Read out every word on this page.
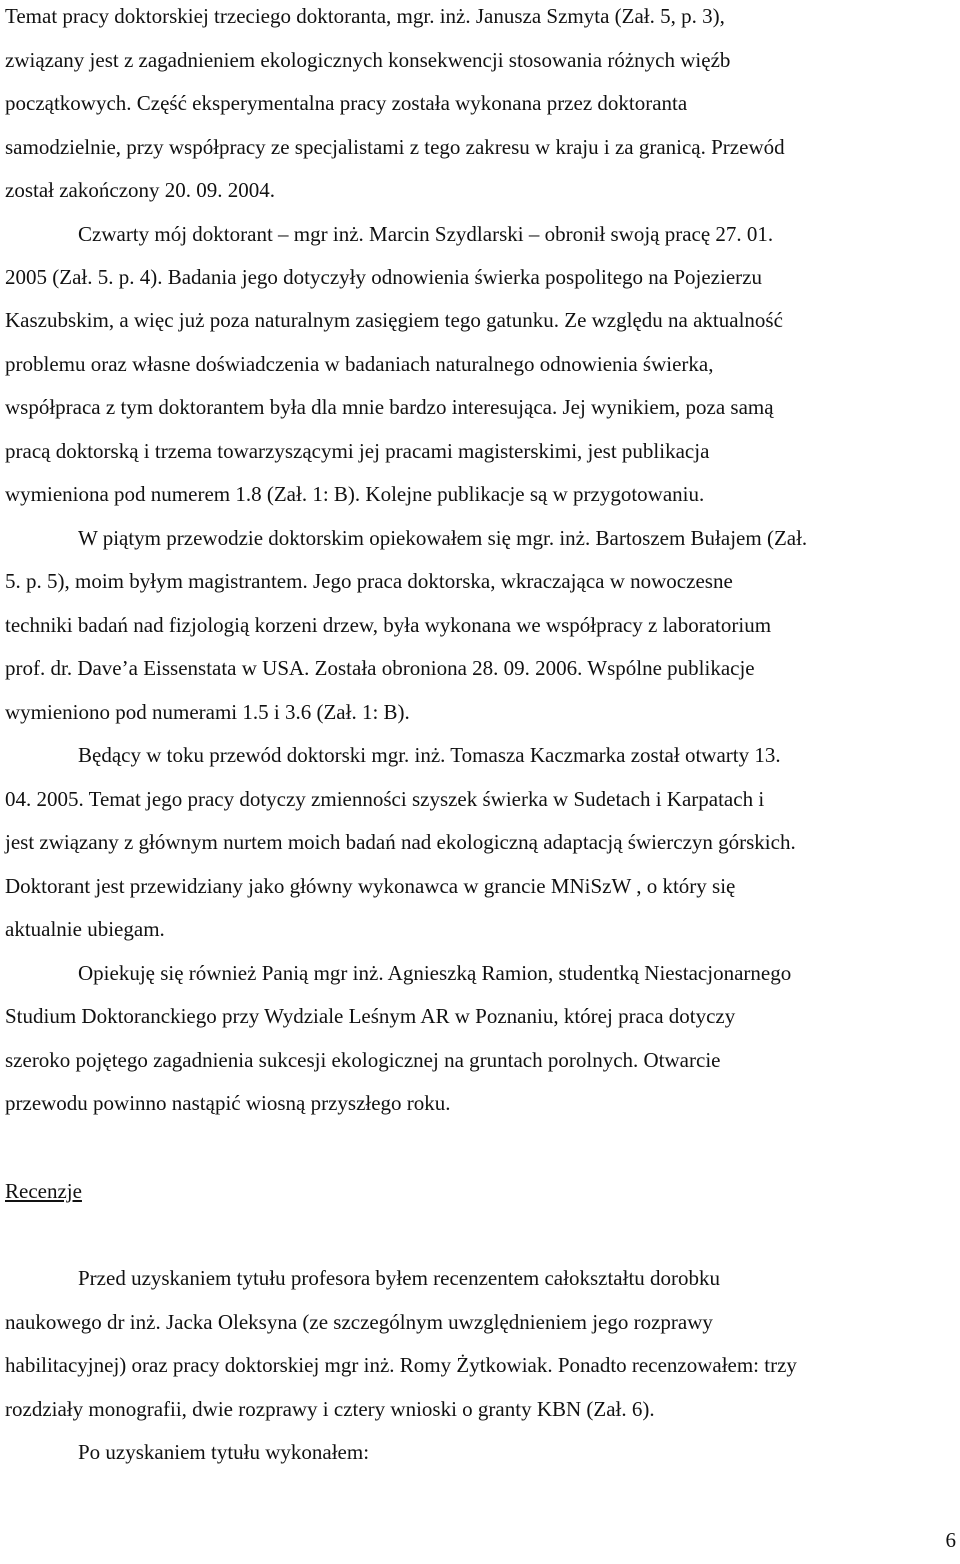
Temat pracy doktorskiej trzeciego doktoranta, mgr. inż. Janusza Szmyta (Zał. 5, p. 3),
związany jest z zagadnieniem ekologicznych konsekwencji stosowania różnych więźb
początkowych. Część eksperymentalna pracy została wykonana przez doktoranta
samodzielnie, przy współpracy ze specjalistami z tego zakresu w kraju i za granicą. Przewód
został zakończony 20. 09. 2004.
Czwarty mój doktorant – mgr inż. Marcin Szydlarski – obronił swoją pracę 27. 01.
2005 (Zał. 5. p. 4). Badania jego dotyczyły odnowienia świerka pospolitego na Pojezierzu
Kaszubskim, a więc już poza naturalnym zasięgiem tego gatunku. Ze względu na aktualność
problemu oraz własne doświadczenia w badaniach naturalnego odnowienia świerka,
współpraca z tym doktorantem była dla mnie bardzo interesująca. Jej wynikiem, poza samą
pracą doktorską i trzema towarzyszącymi jej pracami magisterskimi, jest publikacja
wymieniona pod numerem 1.8 (Zał. 1: B). Kolejne publikacje są w przygotowaniu.
W piątym przewodzie doktorskim opiekowałem się mgr. inż. Bartoszem Bułajem (Zał.
5. p. 5), moim byłym magistrantem. Jego praca doktorska, wkraczająca w nowoczesne
techniki badań nad fizjologią korzeni drzew, była wykonana we współpracy z laboratorium
prof. dr. Dave’a Eissenstata w USA. Została obroniona 28. 09. 2006. Wspólne publikacje
wymieniono pod numerami 1.5 i 3.6 (Zał. 1: B).
Będący w toku przewód doktorski mgr. inż. Tomasza Kaczmarka został otwarty 13.
04. 2005. Temat jego pracy dotyczy zmienności szyszek świerka w Sudetach i Karpatach i
jest związany z głównym nurtem moich badań nad ekologiczną adaptacją świerczyn górskich.
Doktorant jest przewidziany jako główny wykonawca w grancie MNiSzW , o który się
aktualnie ubiegam.
Opiekuję się również Panią mgr inż. Agnieszką Ramion, studentką Niestacjonarnego
Studium Doktoranckiego przy Wydziale Leśnym AR w Poznaniu, której praca dotyczy
szeroko pojętego zagadnienia sukcesji ekologicznej na gruntach porolnych. Otwarcie
przewodu powinno nastąpić wiosną przyszłego roku.
Recenzje
Przed uzyskaniem tytułu profesora byłem recenzentem całokształtu dorobku
naukowego dr inż. Jacka Oleksyna (ze szczególnym uwzględnieniem jego rozprawy
habilitacyjnej) oraz pracy doktorskiej mgr inż. Romy Żytkowiak. Ponadto recenzowałem: trzy
rozdziały monografii, dwie rozprawy i cztery wnioski o granty KBN (Zał. 6).
Po uzyskaniem tytułu wykonałem:
6
